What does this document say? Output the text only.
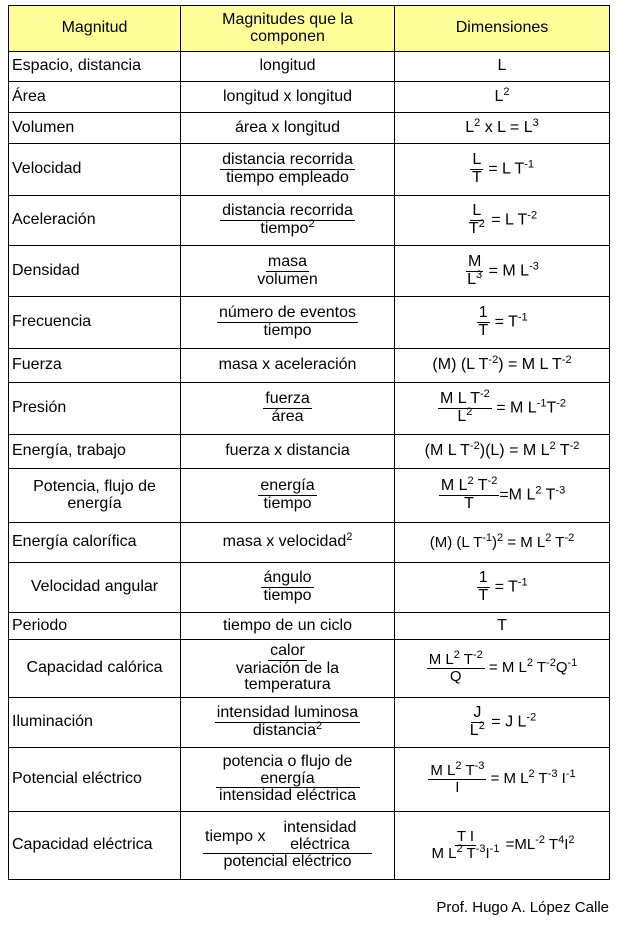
Magnitud	Magnitudes que la componen	Dimensiones
Espacio, distancia	longitud	L
Área	longitud x longitud	$L^2$
Volumen	área x longitud	$L^2$ x $L = L^3$
Velocidad	$\frac{\text{distancia recorrida}}{\text{tiempo empleado}}$	$\frac{L}{T} = L$ $T^{-1}$
Aceleración	$\frac{\text{distancia recorrida}}{tiempo^2}$	$\frac{L}{T^2} = L$ $T^{-2}$
Densidad	$\frac{\text{masa}}{\text{volumen}}$	$\frac{M}{L^3} = M$ $L^{-3}$
Frecuencia	$\frac{\text{número de eventos}}{\text{tiempo}}$	$\frac{1}{T} = T^{-1}$
Fuerza	masa x aceleración	(M) (L $T^{-2}) = M$ L $T^{-2}$
Presión	$\frac{\text{fuerza}}{\text{área}}$	$\frac{M L T^{-2}}{L^2} = M$ $L^{-1}T^{-2}$
Energía, trabajo	fuerza x distancia	(M L $T^{-2})(L) = M$ $L^2$ $T^{-2}$
Potencia, flujo de energía	$\frac{\text{energía}}{\text{tiempo}}$	$\frac{M L^2 T^{-2}}{T} =M$ $L^2$ $T^{-3}$
Energía calorífica	masa x velocidad$^2$	(M) (L $T^{-1})^2 = M$ $L^2$ $T^{-2}$
Velocidad angular	$\frac{\text{ángulo}}{\text{tiempo}}$	$\frac{1}{T} = T^{-1}$
Periodo	tiempo de un ciclo	T
Capacidad calórica	$\frac{\text{calor}}{\text{variación de la temperatura}}$	$\frac{M L^2 T^{-2}}{Q} = M$ $L^2$ $T^{-2}Q^{-1}$
Iluminación	$\frac{\text{intensidad luminosa}}{distancia^2}$	$\frac{J}{L^2} = J$ $L^{-2}$
Potencial eléctrico	$\frac{\text{potencia o flujo de energía}}{\text{intensidad eléctrica}}$	$\frac{M L^2 T^{-3}}{I} = M$ $L^2$ $T^{-3}$ $I^{-1}$
Capacidad eléctrica	$\frac{\text{tiempo x intensidad eléctrica}}{\text{potencial eléctrico}}$	$\frac{\text{T I}}{M L^2 T^{-3}I^{-1}} =ML^{-2}$ $T^4I^2$
Prof. Hugo A. López Calle
